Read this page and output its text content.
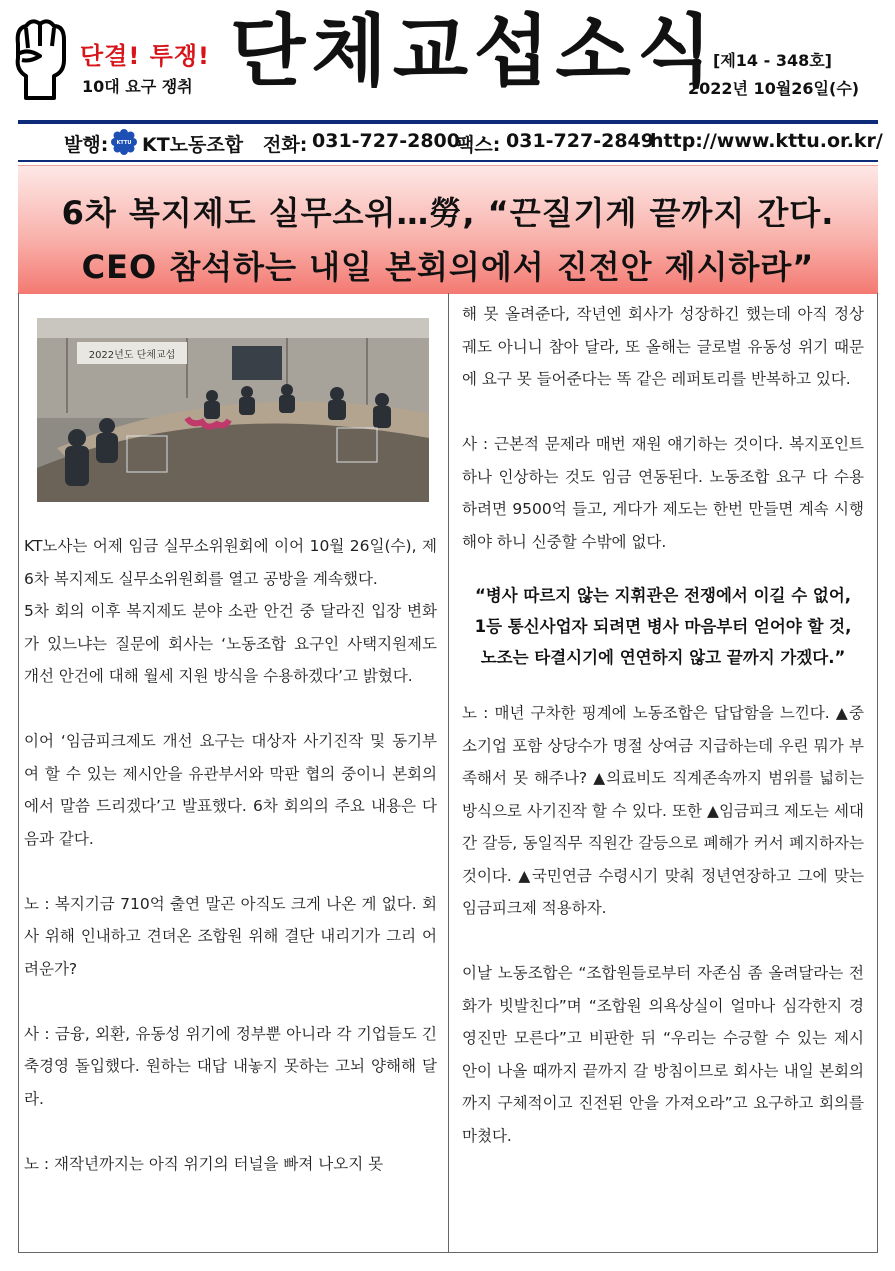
단결! 투쟁!
10대 요구 쟁취 단체교섭소식
[제14 - 348호]
2022년 10월26일(수)
발행: KTTU KT노동조합 전화: 031-727-2800
팩스: 031-727-2849
http://www.kttu.or.kr/
6차 복지제도 실무소위…勞, “끈질기게 끝까지 간다.
CEO 참석하는 내일 본회의에서 진전안 제시하라”
2022년도 단체교섭

KT노사는 어제 임금 실무소위원회에 이어 10월 26일(수), 제6차 복지제도 실무소위원회를 열고 공방을 계속했다.

5차 회의 이후 복지제도 분야 소관 안건 중 달라진 입장 변화가 있느냐는 질문에 회사는 ‘노동조합 요구인 사택지원제도 개선 안건에 대해 월세 지원 방식을 수용하겠다’고 밝혔다.

이어 ‘임금피크제도 개선 요구는 대상자 사기진작 및 동기부여 할 수 있는 제시안을 유관부서와 막판 협의 중이니 본회의에서 말씀 드리겠다’고 발표했다. 6차 회의의 주요 내용은 다음과 같다.

노 : 복지기금 710억 출연 말곤 아직도 크게 나온 게 없다. 회사 위해 인내하고 견뎌온 조합원 위해 결단 내리기가 그리 어려운가?

사 : 금융, 외환, 유동성 위기에 정부뿐 아니라 각 기업들도 긴축경영 돌입했다. 원하는 대답 내놓지 못하는 고뇌 양해해 달라.

노 : 재작년까지는 아직 위기의 터널을 빠져 나오지 못

해 못 올려준다, 작년엔 회사가 성장하긴 했는데 아직 정상 궤도 아니니 참아 달라, 또 올해는 글로벌 유동성 위기 때문에 요구 못 들어준다는 똑 같은 레퍼토리를 반복하고 있다.

사 : 근본적 문제라 매번 재원 얘기하는 것이다. 복지포인트 하나 인상하는 것도 임금 연동된다. 노동조합 요구 다 수용하려면 9500억 들고, 게다가 제도는 한번 만들면 계속 시행해야 하니 신중할 수밖에 없다.

“병사 따르지 않는 지휘관은 전쟁에서 이길 수 없어,
1등 통신사업자 되려면 병사 마음부터 얻어야 할 것,
노조는 타결시기에 연연하지 않고 끝까지 가겠다.”

노 : 매년 구차한 핑계에 노동조합은 답답함을 느낀다. ▲중소기업 포함 상당수가 명절 상여금 지급하는데 우린 뭐가 부족해서 못 해주나? ▲의료비도 직계존속까지 범위를 넓히는 방식으로 사기진작 할 수 있다. 또한 ▲임금피크 제도는 세대간 갈등, 동일직무 직원간 갈등으로 폐해가 커서 폐지하자는 것이다. ▲국민연금 수령시기 맞춰 정년연장하고 그에 맞는 임금피크제 적용하자.

이날 노동조합은 “조합원들로부터 자존심 좀 올려달라는 전화가 빗발친다”며 “조합원 의욕상실이 얼마나 심각한지 경영진만 모른다”고 비판한 뒤 “우리는 수긍할 수 있는 제시 안이 나올 때까지 끝까지 갈 방침이므로 회사는 내일 본회의까지 구체적이고 진전된 안을 가져오라”고 요구하고 회의를 마쳤다.
